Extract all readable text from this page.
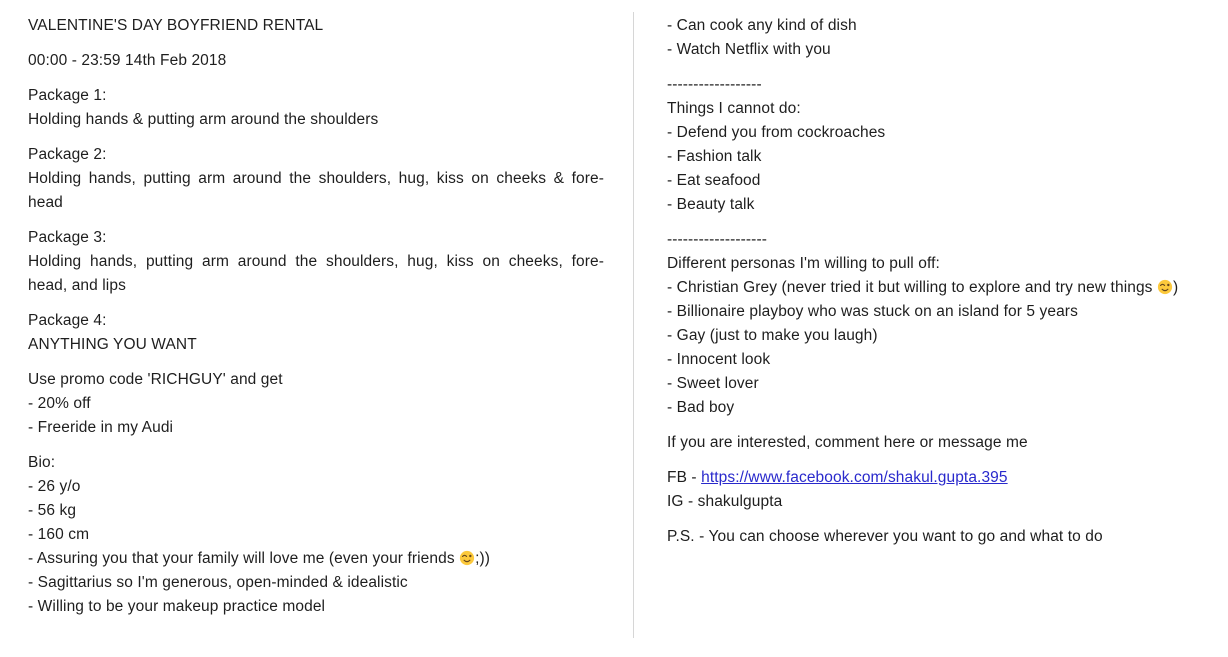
VALENTINE'S DAY BOYFRIEND RENTAL
00:00 - 23:59 14th Feb 2018
Package 1:
Holding hands & putting arm around the shoulders
Package 2:
Holding hands, putting arm around the shoulders, hug, kiss on cheeks & fore-
head
Package 3:
Holding hands, putting arm around the shoulders, hug, kiss on cheeks, fore-
head, and lips
Package 4:
ANYTHING YOU WANT
Use promo code 'RICHGUY' and get
- 20% off
- Freeride in my Audi
Bio:
- 26 y/o
- 56 kg
- 160 cm
- Assuring you that your family will love me (even your friends
;))
- Sagittarius so I'm generous, open-minded & idealistic
- Willing to be your makeup practice model
- Can cook any kind of dish
- Watch Netflix with you
------------------
Things I cannot do:
- Defend you from cockroaches
- Fashion talk
- Eat seafood
- Beauty talk
-------------------
Different personas I'm willing to pull off:
- Christian Grey (never tried it but willing to explore and try new things
)
- Billionaire playboy who was stuck on an island for 5 years
- Gay (just to make you laugh)
- Innocent look
- Sweet lover
- Bad boy
If you are interested, comment here or message me
FB - https://www.facebook.com/shakul.gupta.395
IG - shakulgupta
P.S. - You can choose wherever you want to go and what to do
